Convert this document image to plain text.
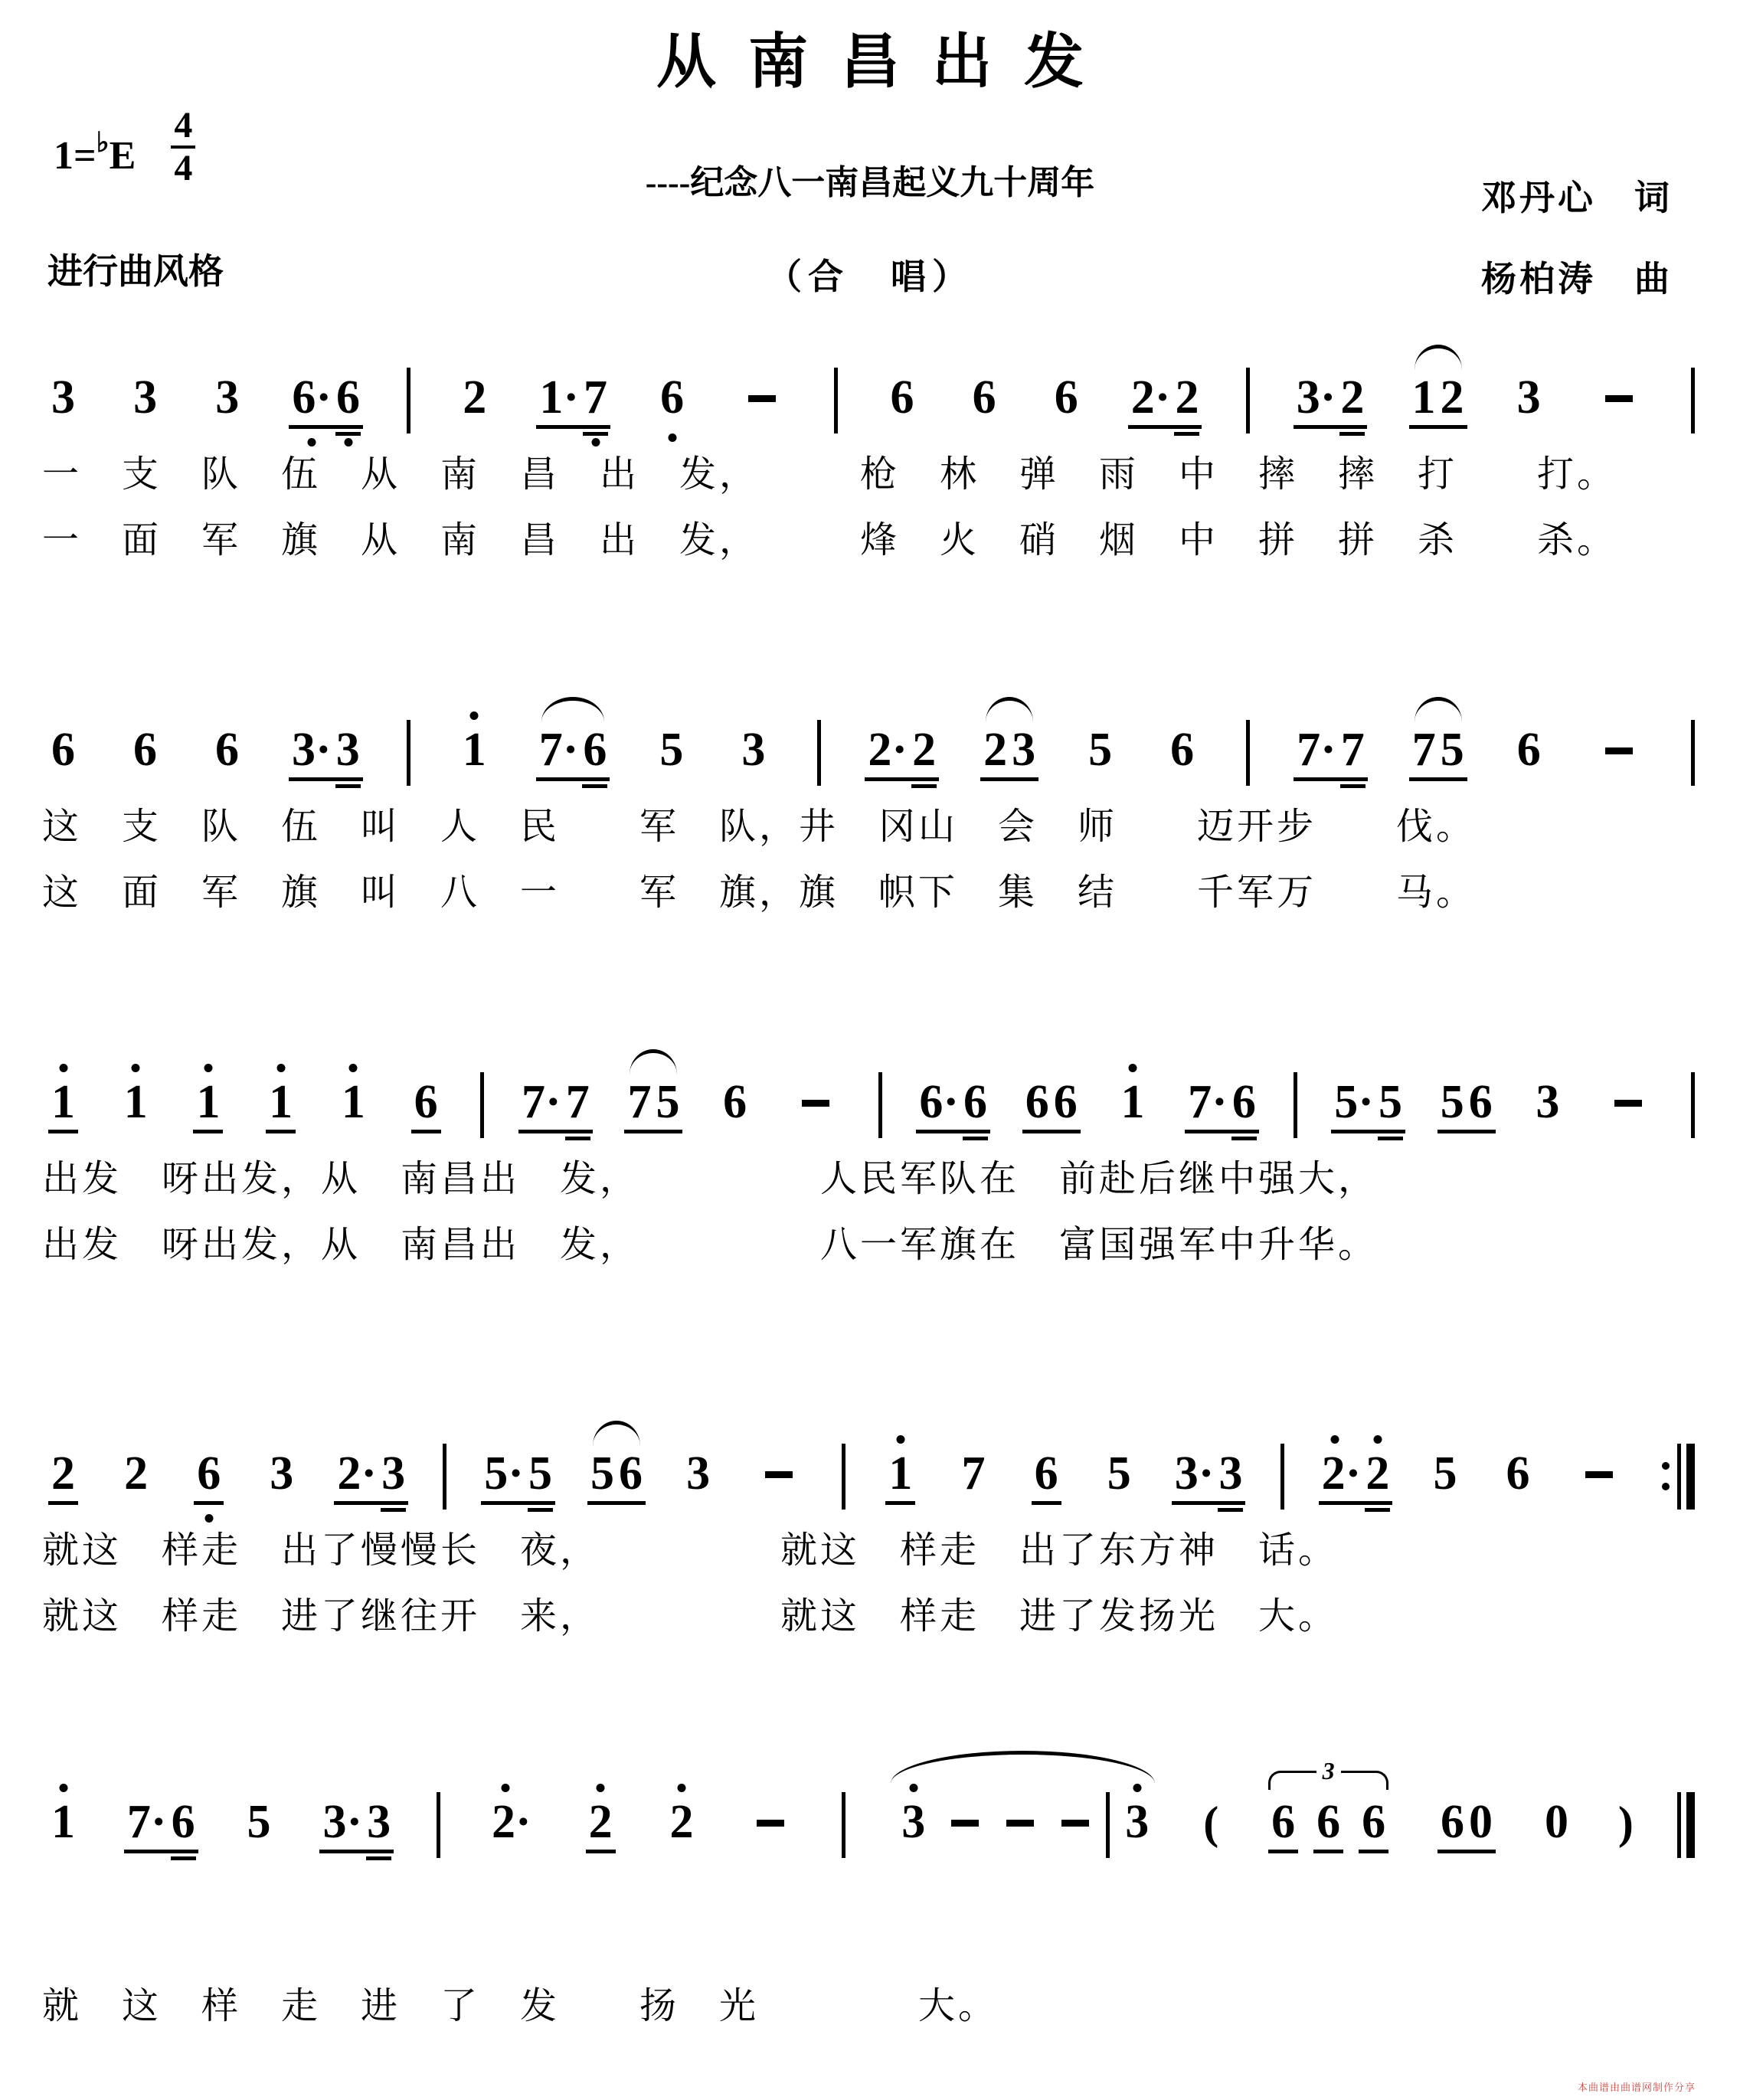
从南昌出发
$1=^♭E \frac{4}{4}$	----纪念八一南昌起义九十周年	邓丹心　词
进行曲风格	（合　唱）	杨柏涛　曲
3 3 3 6· 6 2 1· 7 6	6 6 6 2· 2 3· 2 1 2 3
一　支　队　伍　从　南　昌　出　发，　　　枪　林　弹　雨　中　摔　摔　打　　打。
一　面　军　旗　从　南　昌　出　发，　　　烽　火　硝　烟　中　拼　拼　杀　　杀。
6 6 6 3· 3 1 7· 6 5 3 2· 2 2 3 5 6 7· 7 7 5 6
这　支　队　伍　叫　人　民　　军　队，井　冈山　会　师　　迈开步　　伐。
这　面　军　旗　叫　八　一　　军　旗，旗　帜下　集　结　　千军万　　马。
1 1 1 1 1 6 7· 7 7 5 6	6· 6 6 6 1 7· 6 5· 5 5 6 3
出发　呀出发，从　南昌出　发，　　　　　人民军队在　前赴后继中强大，
出发　呀出发，从　南昌出　发，　　　　　八一军旗在　富国强军中升华。
2 2 6 3 2· 3 5· 5 5 6 3	1 7 6 5 3· 3 2· 2 5 6
就这　样走　出了慢慢长　夜，　　　　　就这　样走　出了东方神　话。
就这　样走　进了继往开　来，　　　　　就这　样走　进了发扬光　大。
1 7· 6 5 3· 3 2· 2 2	3	3 (
3
6 6 6 6 0 0 )
就　这　样　走　进　了　发　　扬　光　　　　大。
本曲谱由曲谱网制作分享
